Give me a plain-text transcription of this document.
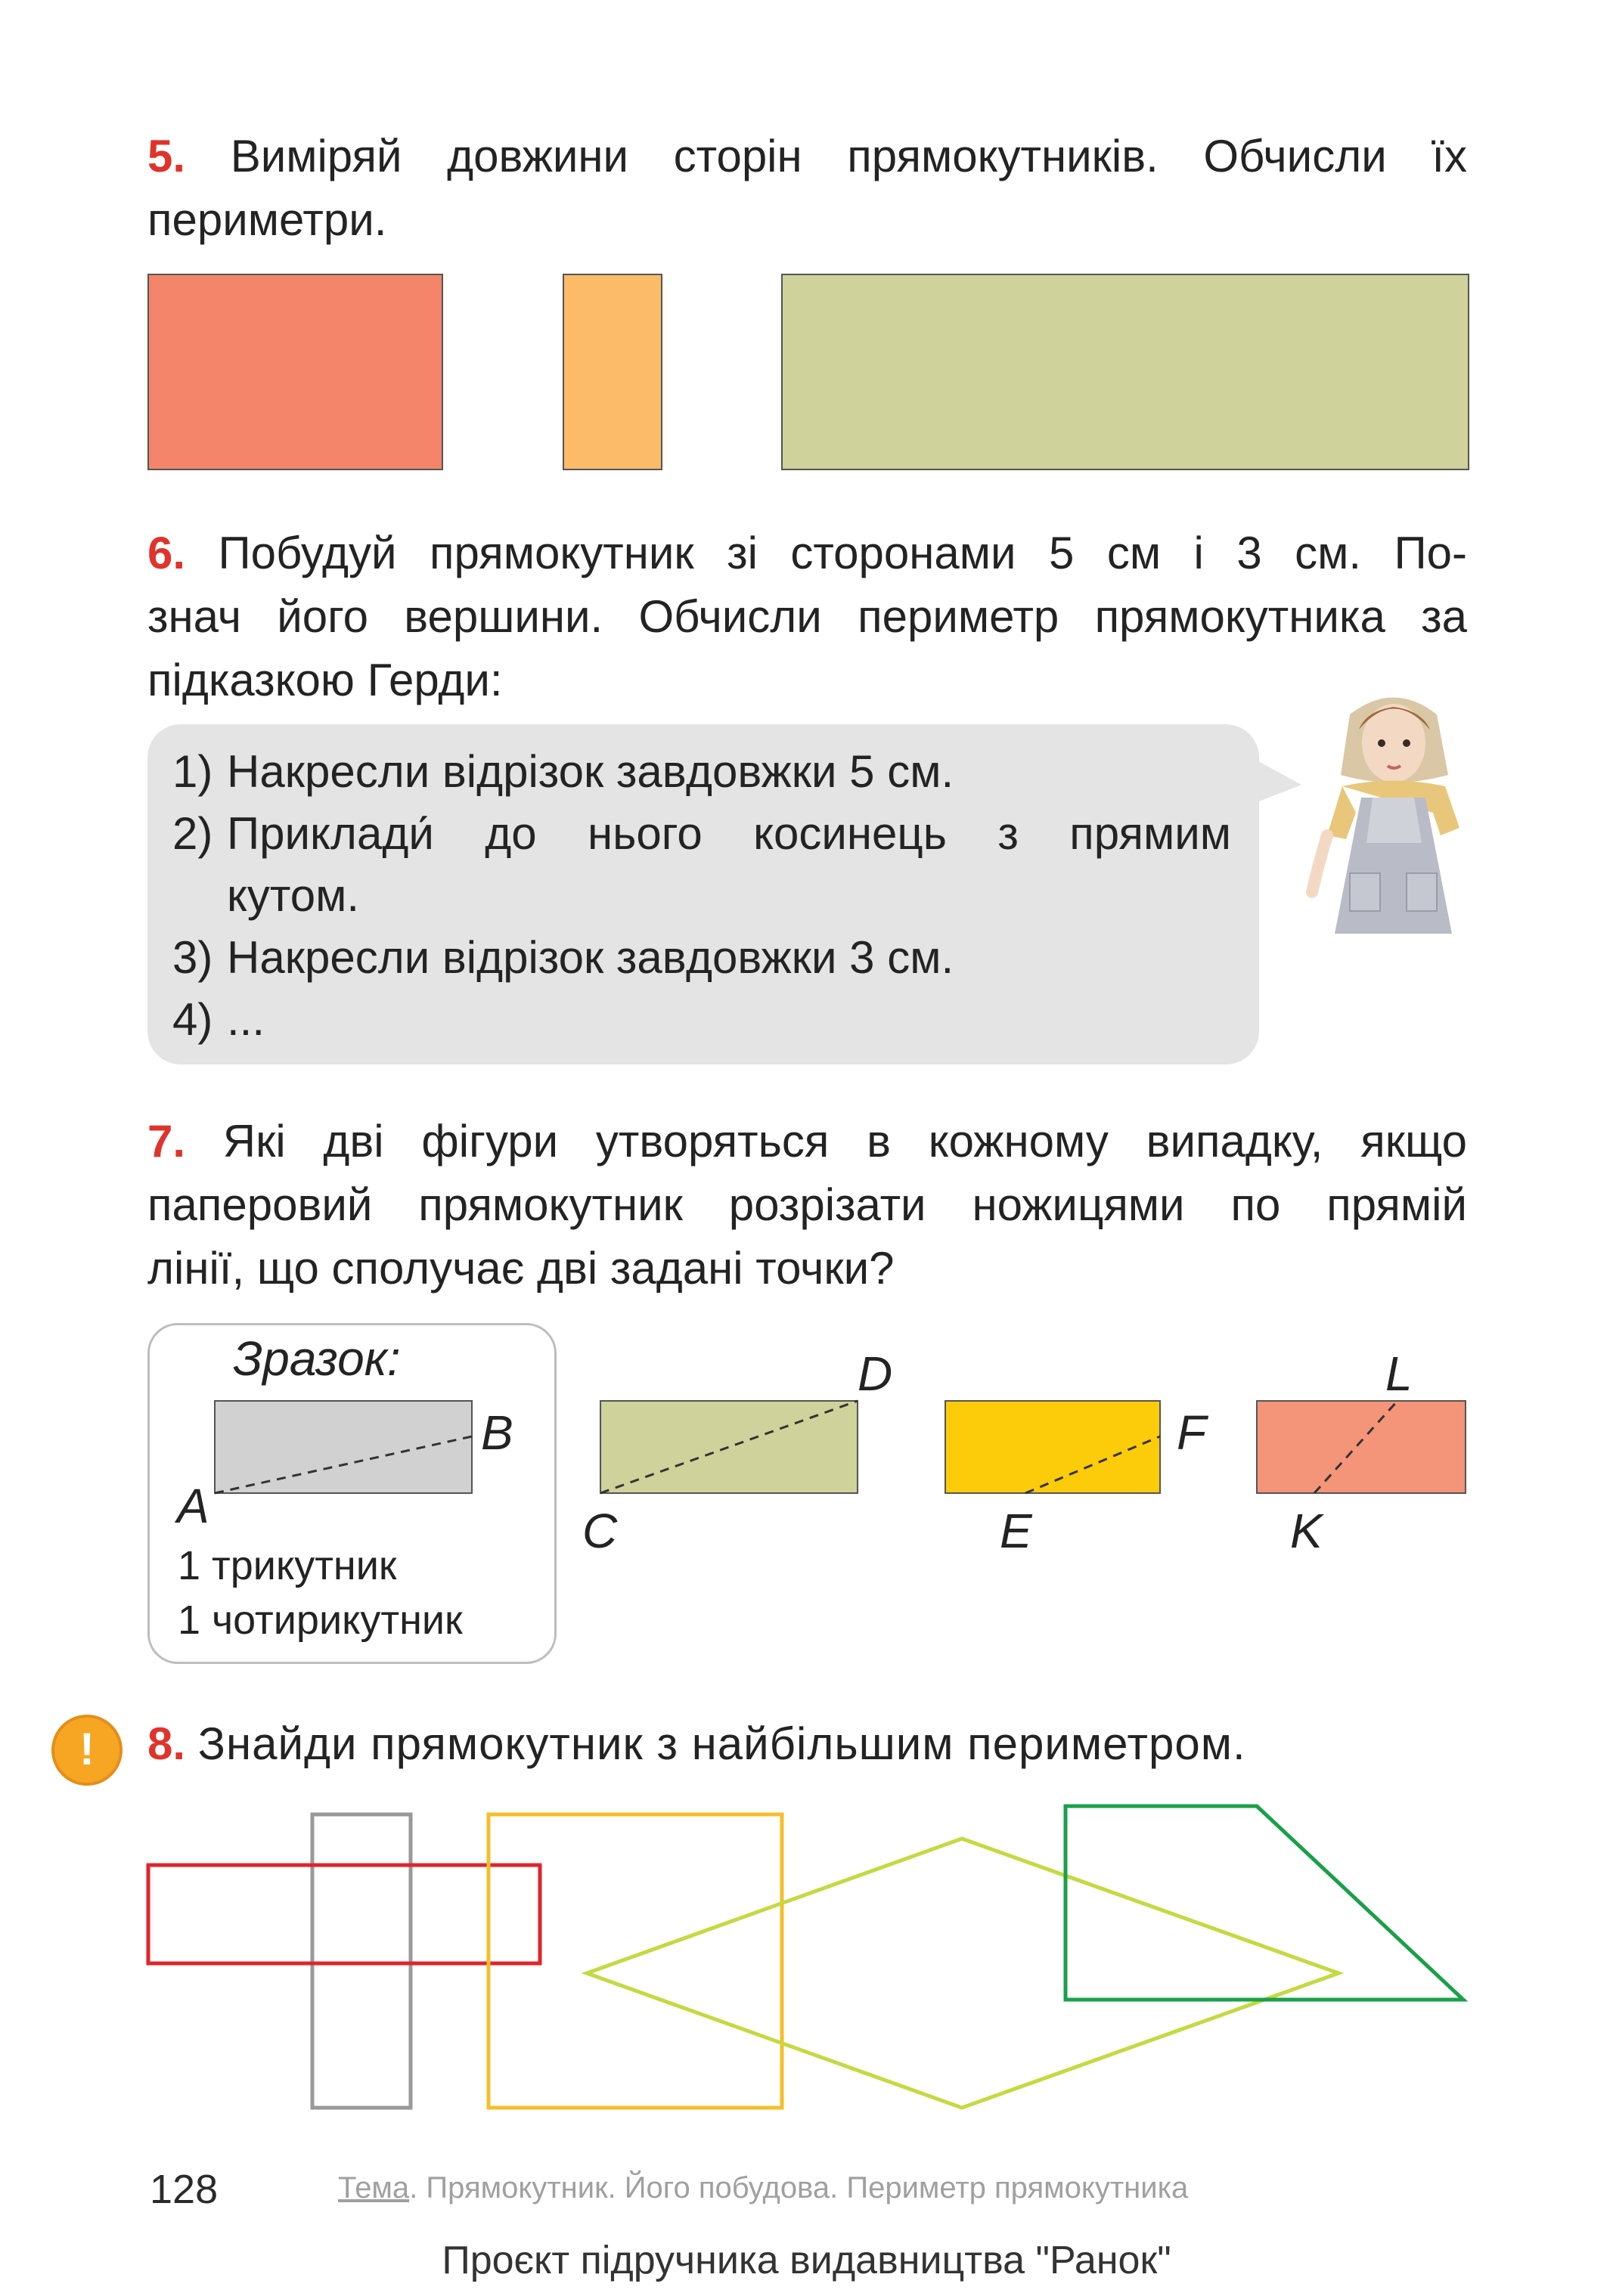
5. Виміряй довжини сторін прямокутників. Обчисли їх
периметри.
6. Побудуй прямокутник зі сторонами 5 см і 3 см. По-
знач його вершини. Обчисли периметр прямокутника за
підказкою Герди:
1) Накресли відрізок завдовжки 5 см.
2) Приклади́ до нього косинець з прямим
кутом.
3) Накресли відрізок завдовжки 3 см.
4) ...
7. Які дві фігури утворяться в кожному випадку, якщо
паперовий прямокутник розрізати ножицями по прямій
лінії, що сполучає дві задані точки?
Зразок:
1 трикутник
1 чотирикутник
A
B
C
D
E
F
K
L
!	8. Знайди прямокутник з найбільшим периметром.
128	Тема. Прямокутник. Його побудова. Периметр прямокутника
Проєкт підручника видавництва "Ранок"
